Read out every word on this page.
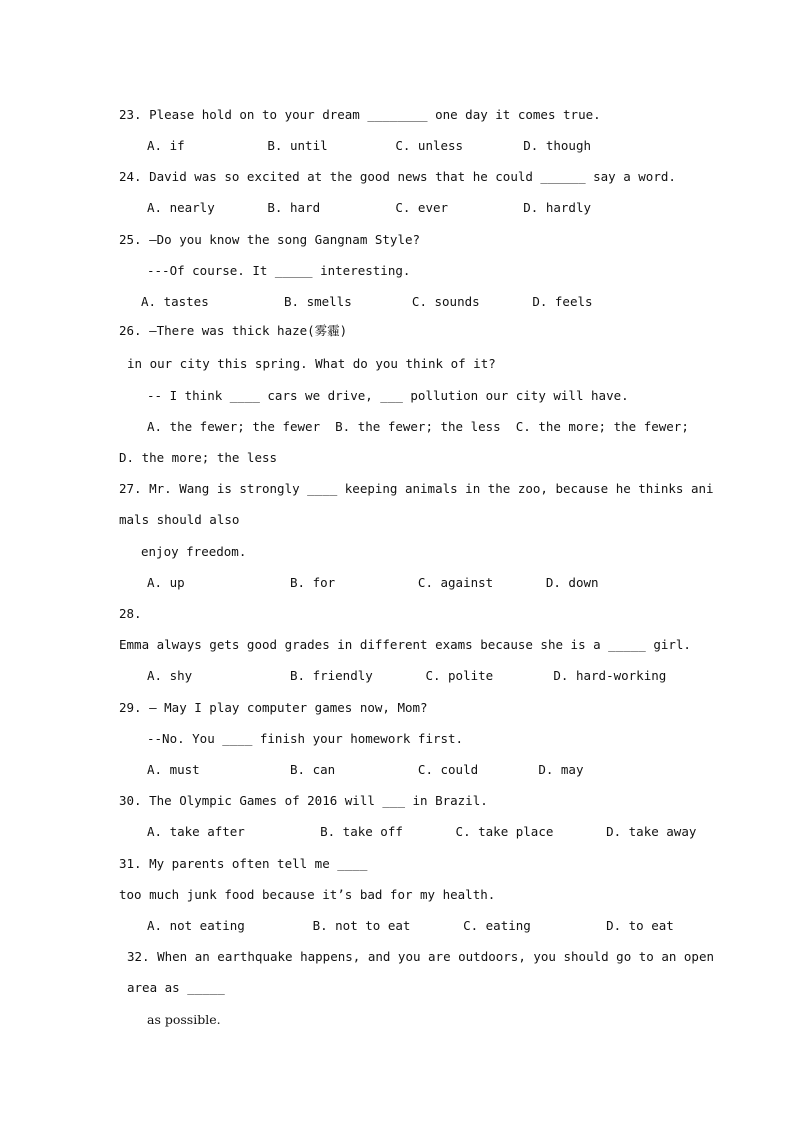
23. Please hold on to your dream ________ one day it comes true.
A. if           B. until         C. unless        D. though
24. David was so excited at the good news that he could ______ say a word.
A. nearly       B. hard          C. ever          D. hardly
25. —Do you know the song Gangnam Style?
---Of course. It _____ interesting.
A. tastes          B. smells        C. sounds       D. feels
26. –There was thick haze(雾霾)
in our city this spring. What do you think of it?
-- I think ____ cars we drive, ___ pollution our city will have.
A. the fewer; the fewer  B. the fewer; the less  C. the more; the fewer;
D. the more; the less
27. Mr. Wang is strongly ____ keeping animals in the zoo, because he thinks ani
mals should also
enjoy freedom.
A. up              B. for           C. against       D. down
28.
Emma always gets good grades in different exams because she is a _____ girl.
A. shy             B. friendly       C. polite        D. hard-working
29. – May I play computer games now, Mom?
--No. You ____ finish your homework first.
A. must            B. can           C. could        D. may
30. The Olympic Games of 2016 will ___ in Brazil.
A. take after          B. take off       C. take place       D. take away
31. My parents often tell me ____
too much junk food because it’s bad for my health.
A. not eating         B. not to eat       C. eating          D. to eat
32. When an earthquake happens, and you are outdoors, you should go to an open
area as _____
as possible.
